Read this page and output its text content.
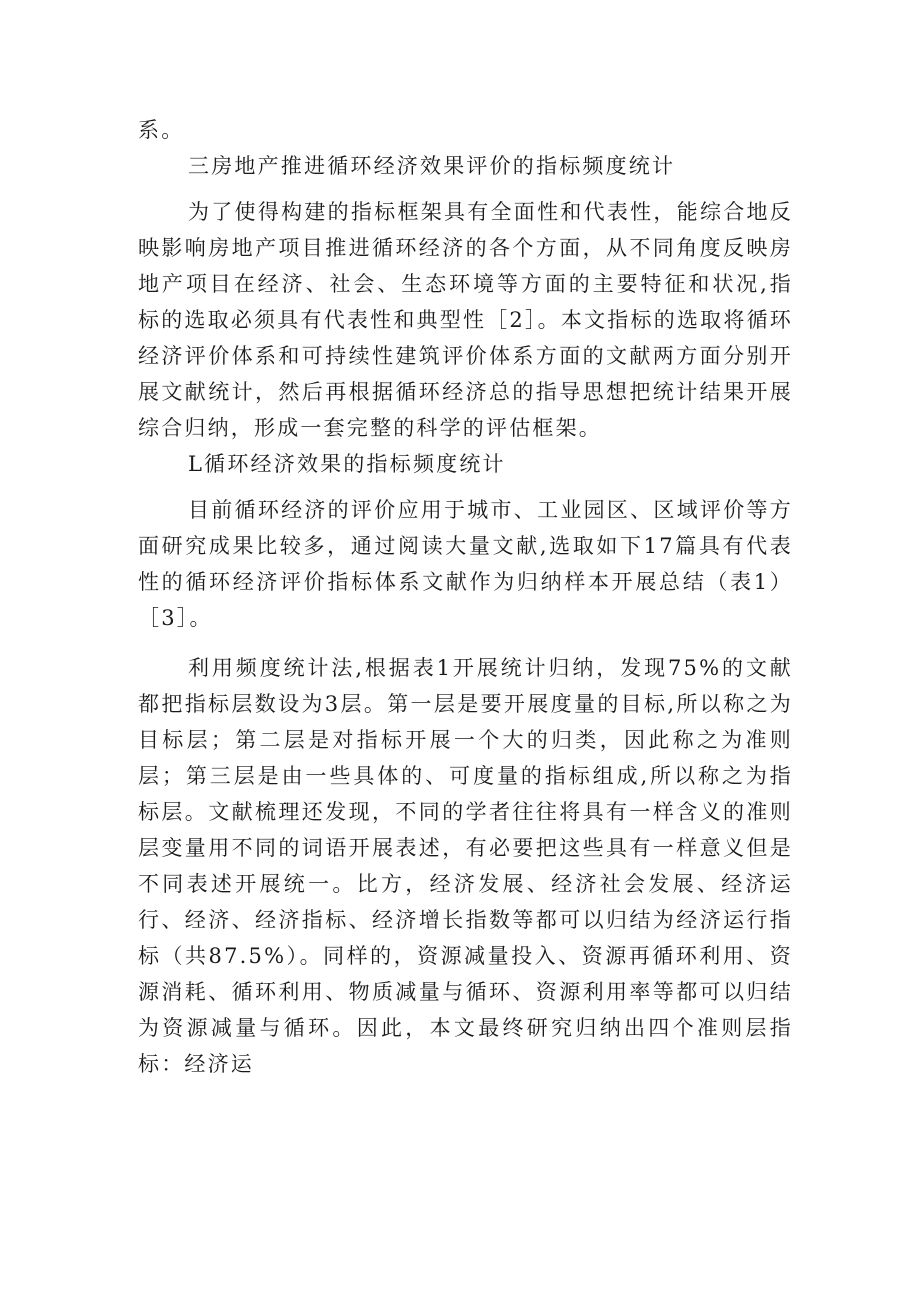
系。

三房地产推进循环经济效果评价的指标频度统计

为了使得构建的指标框架具有全面性和代表性，能综合地反映影响房地产项目推进循环经济的各个方面，从不同角度反映房地产项目在经济、社会、生态环境等方面的主要特征和状况,指标的选取必须具有代表性和典型性［2］。本文指标的选取将循环经济评价体系和可持续性建筑评价体系方面的文献两方面分别开展文献统计，然后再根据循环经济总的指导思想把统计结果开展综合归纳，形成一套完整的科学的评估框架。

L循环经济效果的指标频度统计

目前循环经济的评价应用于城市、工业园区、区域评价等方面研究成果比较多，通过阅读大量文献,选取如下17篇具有代表性的循环经济评价指标体系文献作为归纳样本开展总结（表1）［3］。

利用频度统计法,根据表1开展统计归纳，发现75%的文献都把指标层数设为3层。第一层是要开展度量的目标,所以称之为目标层；第二层是对指标开展一个大的归类，因此称之为准则层；第三层是由一些具体的、可度量的指标组成,所以称之为指标层。文献梳理还发现，不同的学者往往将具有一样含义的准则层变量用不同的词语开展表述，有必要把这些具有一样意义但是不同表述开展统一。比方，经济发展、经济社会发展、经济运行、经济、经济指标、经济增长指数等都可以归结为经济运行指标（共87.5%）。同样的，资源减量投入、资源再循环利用、资源消耗、循环利用、物质减量与循环、资源利用率等都可以归结为资源减量与循环。因此，本文最终研究归纳出四个准则层指标：经济运
